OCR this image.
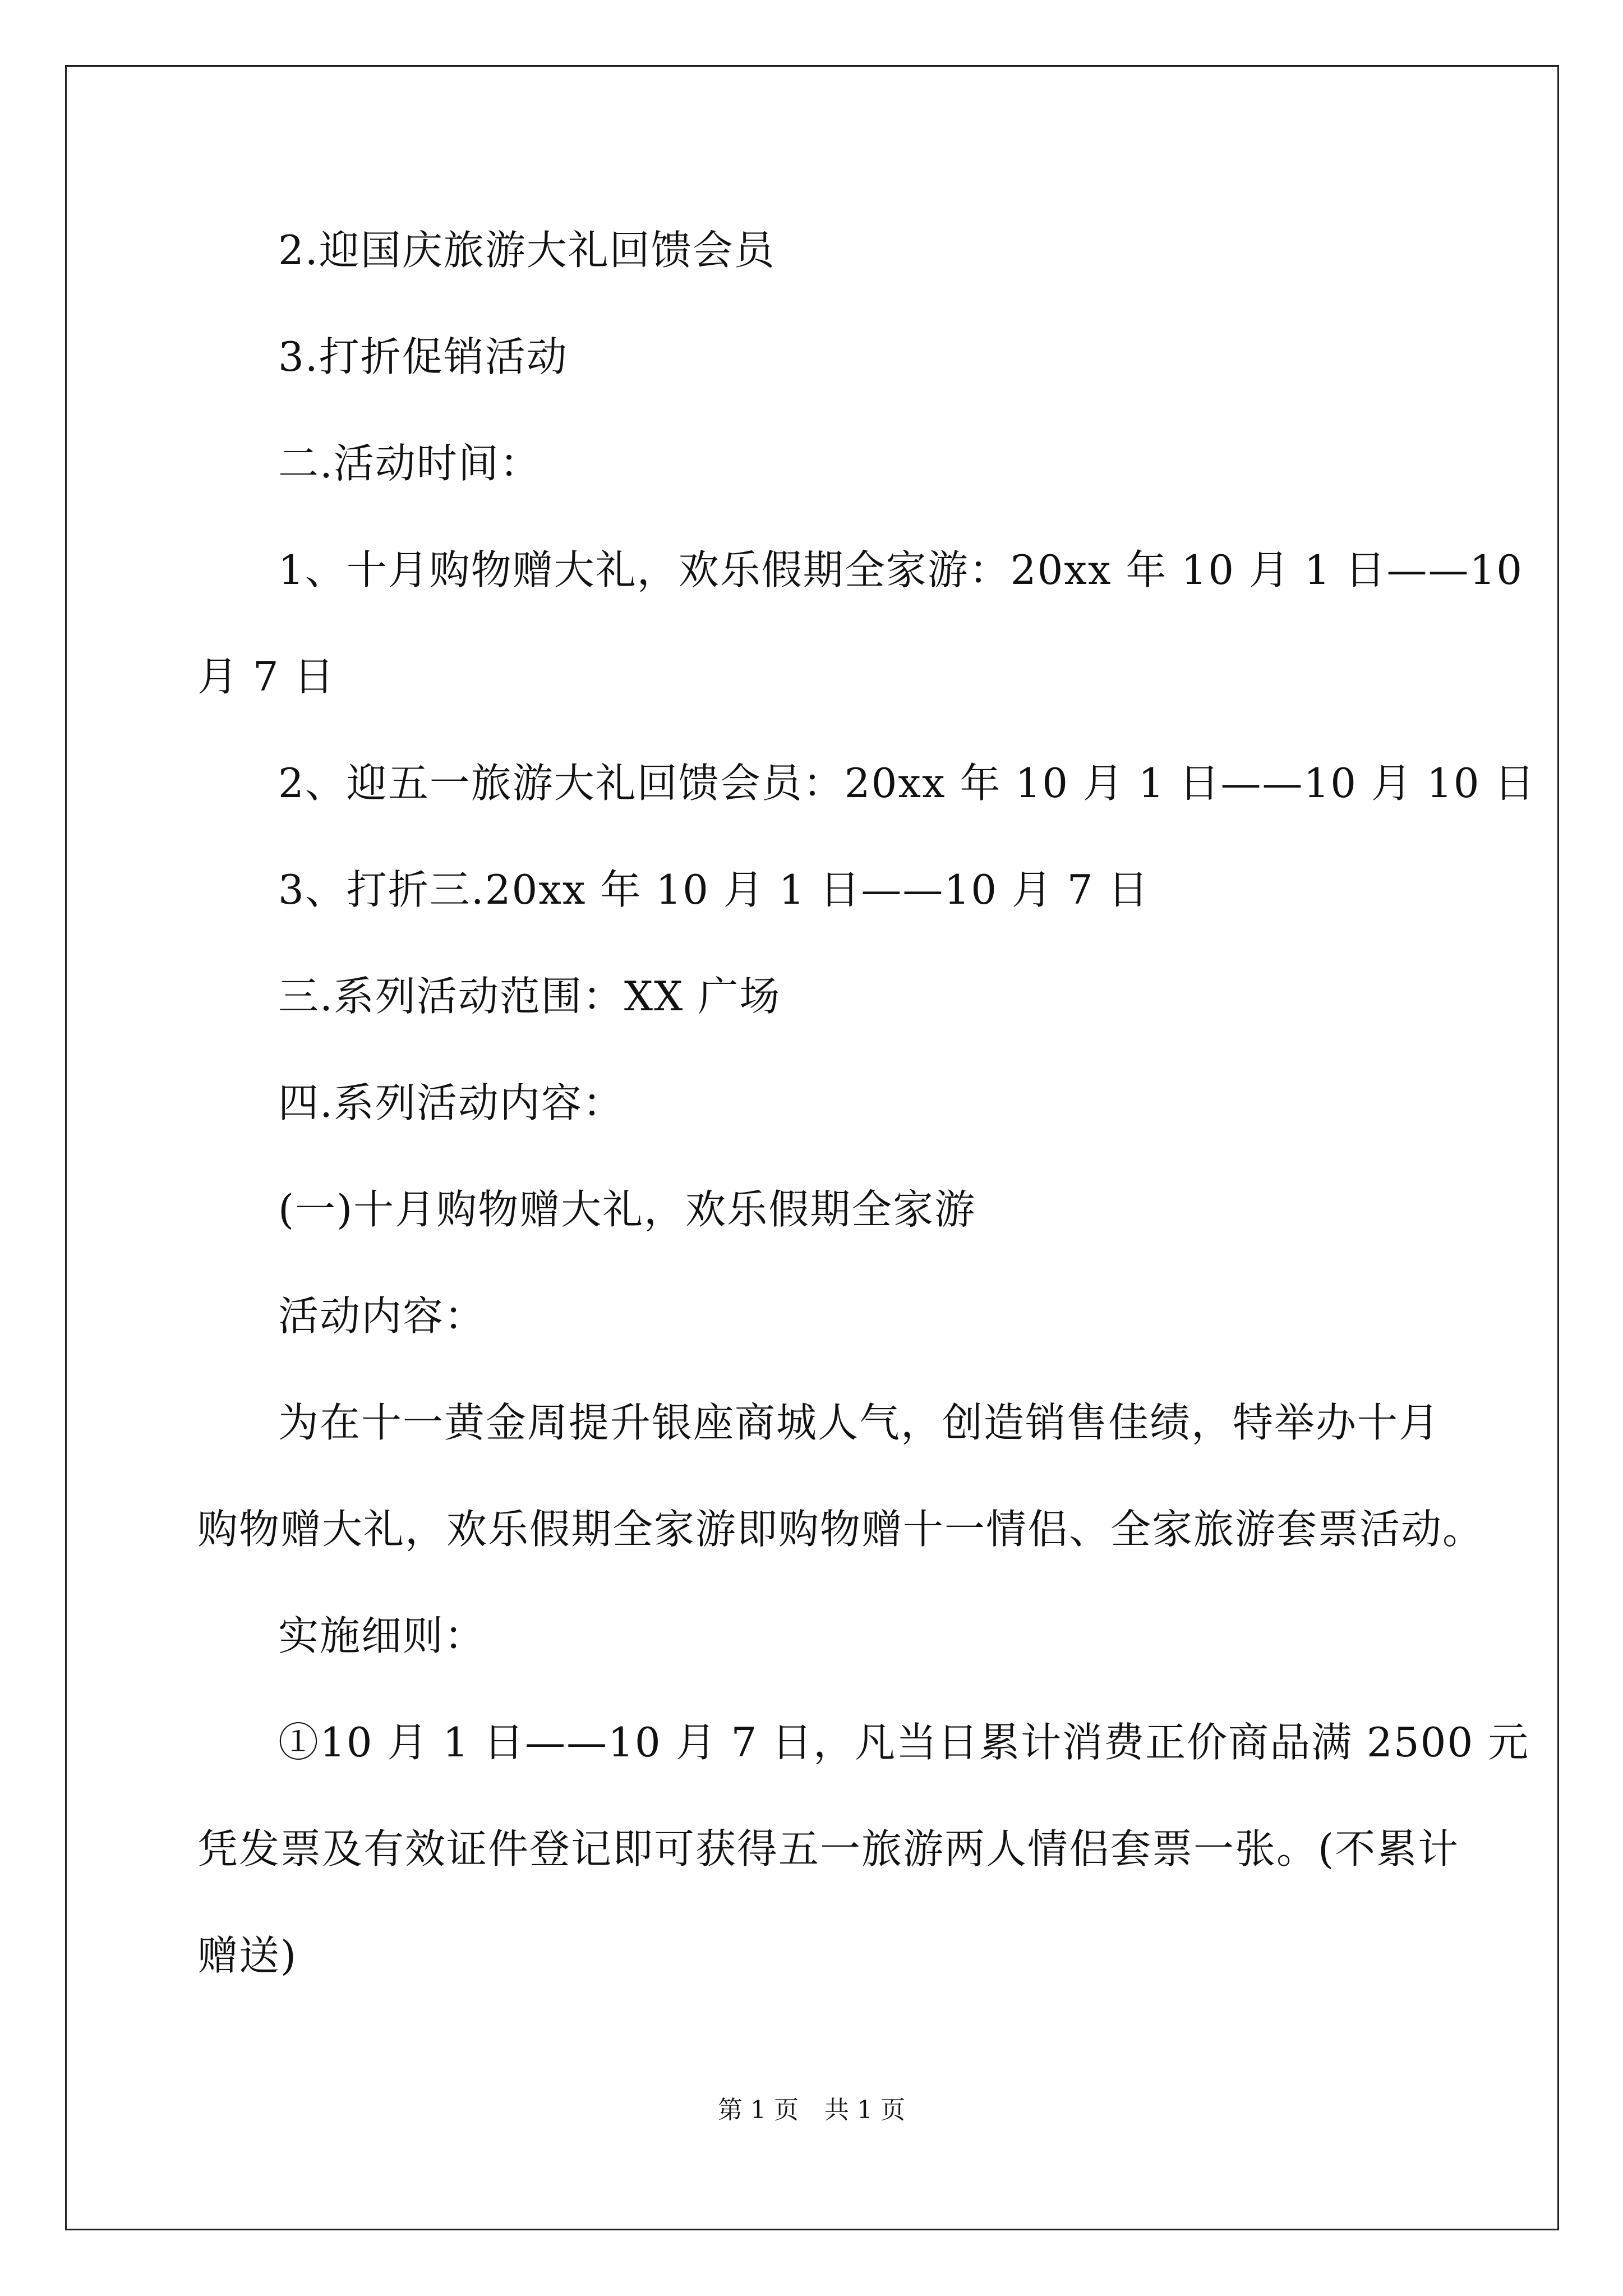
2.迎国庆旅游大礼回馈会员
3.打折促销活动
二.活动时间：
1、十月购物赠大礼，欢乐假期全家游：20xx 年 10 月 1 日——10
月 7 日
2、迎五一旅游大礼回馈会员：20xx 年 10 月 1 日——10 月 10 日
3、打折三.20xx 年 10 月 1 日——10 月 7 日
三.系列活动范围：XX 广场
四.系列活动内容：
(一)十月购物赠大礼，欢乐假期全家游
活动内容：
为在十一黄金周提升银座商城人气，创造销售佳绩，特举办十月
购物赠大礼，欢乐假期全家游即购物赠十一情侣、全家旅游套票活动。
实施细则：
①10 月 1 日——10 月 7 日，凡当日累计消费正价商品满 2500 元
凭发票及有效证件登记即可获得五一旅游两人情侣套票一张。(不累计
赠送)
第 1 页 共 1 页
